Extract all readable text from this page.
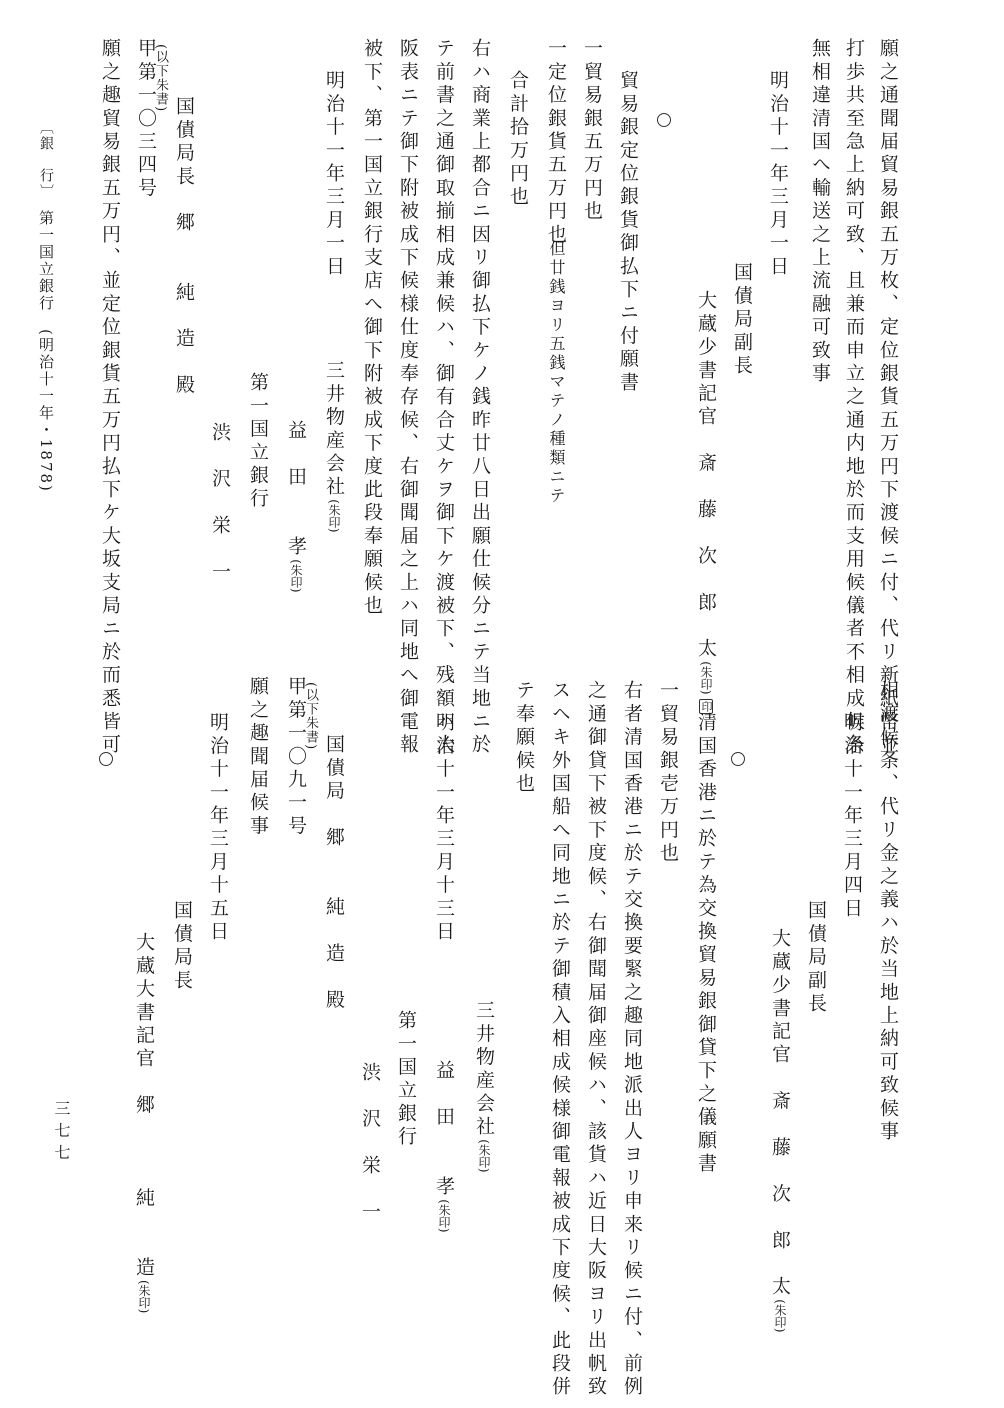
願之通聞届貿易銀五万枚、定位銀貨五万円下渡候ニ付、代リ新紙幣並
打歩共至急上納可致、且兼而申立之通内地於而支用候儀者不相成候条
無相違清国へ輸送之上流融可致事
明治十一年三月一日
国債局副長
大蔵少書記官　斎　藤　次　郎　太(朱印)印
貿易銀定位銀貨御払下ニ付願書
一貿易銀五万円也
一定位銀貨五万円也
但廿銭ヨリ五銭マテノ種類ニテ
合計拾万円也
右ハ商業上都合ニ因リ御払下ケノ銭昨廿八日出願仕候分ニテ当地ニ於
テ前書之通御取揃相成兼候ハ、御有合丈ケヲ御下ケ渡被下、残額ハ大
阪表ニテ御下附被成下候様仕度奉存候、右御聞届之上ハ同地へ御電報
被下、第一国立銀行支店へ御下附被成下度此段奉願候也
明治十一年三月一日
三井物産会社(朱印)
益　田　　孝(朱印)
第一国立銀行
渋　沢　栄　一
国債局長　郷　　純　造　殿
(以下朱書)
甲第一〇三四号
願之趣貿易銀五万円、並定位銀貨五万円払下ケ大坂支局ニ於而悉皆可
相渡候条、代リ金之義ハ於当地上納可致候事
明治十一年三月四日
国債局副長
大蔵少書記官　斎　藤　次　郎　太(朱印)
清国香港ニ於テ為交換貿易銀御貸下之儀願書
一貿易銀壱万円也
右者清国香港ニ於テ交換要緊之趣同地派出人ヨリ申来リ候ニ付、前例
之通御貸下被下度候、右御聞届御座候ハ、該貨ハ近日大阪ヨリ出帆致
スヘキ外国船へ同地ニ於テ御積入相成候様御電報被成下度候、此段併
テ奉願候也
明治十一年三月十三日
三井物産会社(朱印)
益　田　　孝(朱印)
第一国立銀行
渋　沢　栄　一
国債局　郷　　純　造　殿
(以下朱書)
甲第一〇九一号
願之趣聞届候事
明治十一年三月十五日
国債局長
大蔵大書記官　郷　　　純　　造(朱印)
〔銀　行〕　第一国立銀行　(明治十一年・1878)
三七七
